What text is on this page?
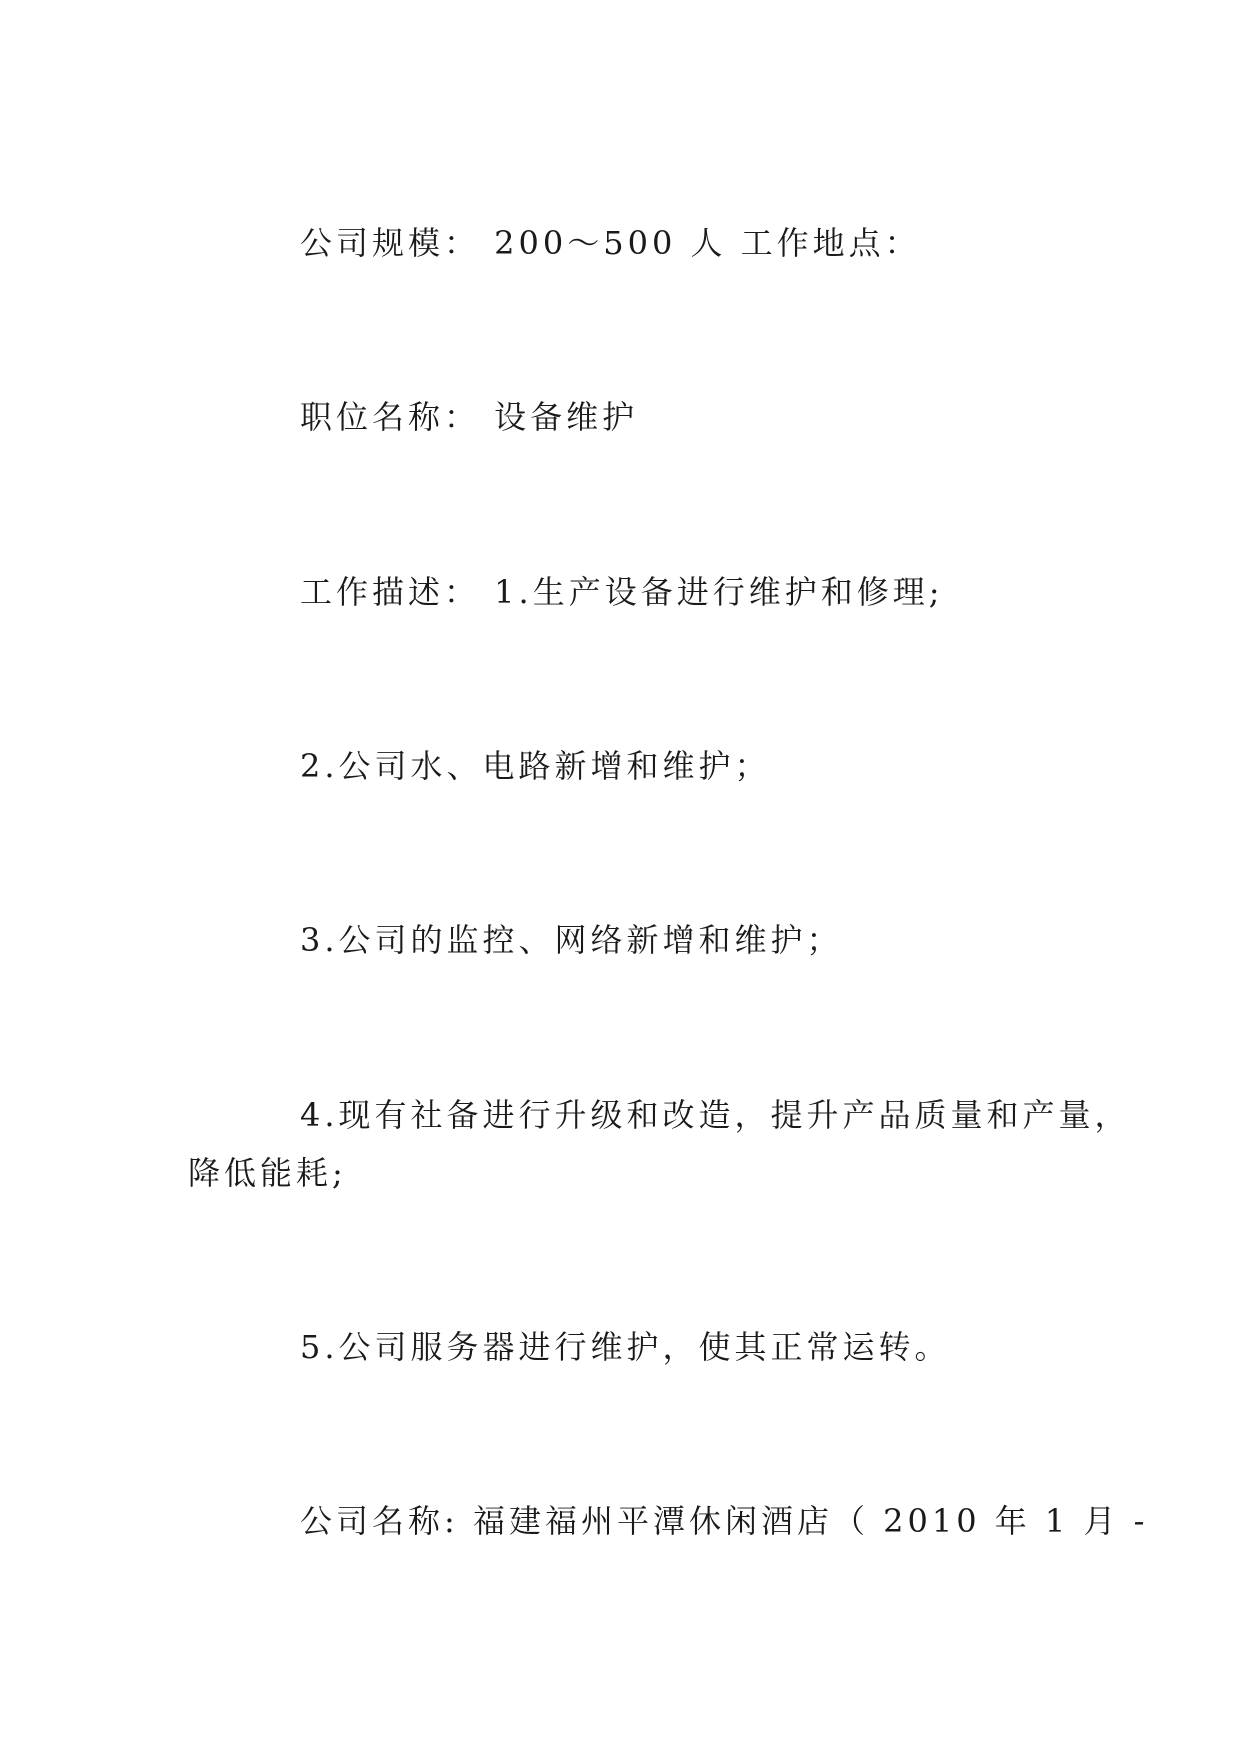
公司规模： 200～500 人 工作地点：
职位名称： 设备维护
工作描述： 1.生产设备进行维护和修理;
2.公司水、电路新增和维护；
3.公司的监控、网络新增和维护；
4.现有社备进行升级和改造，提升产品质量和产量，
降低能耗;
5.公司服务器进行维护，使其正常运转。
公司名称: 福建福州平潭休闲酒店（ 2010 年 1 月 -
